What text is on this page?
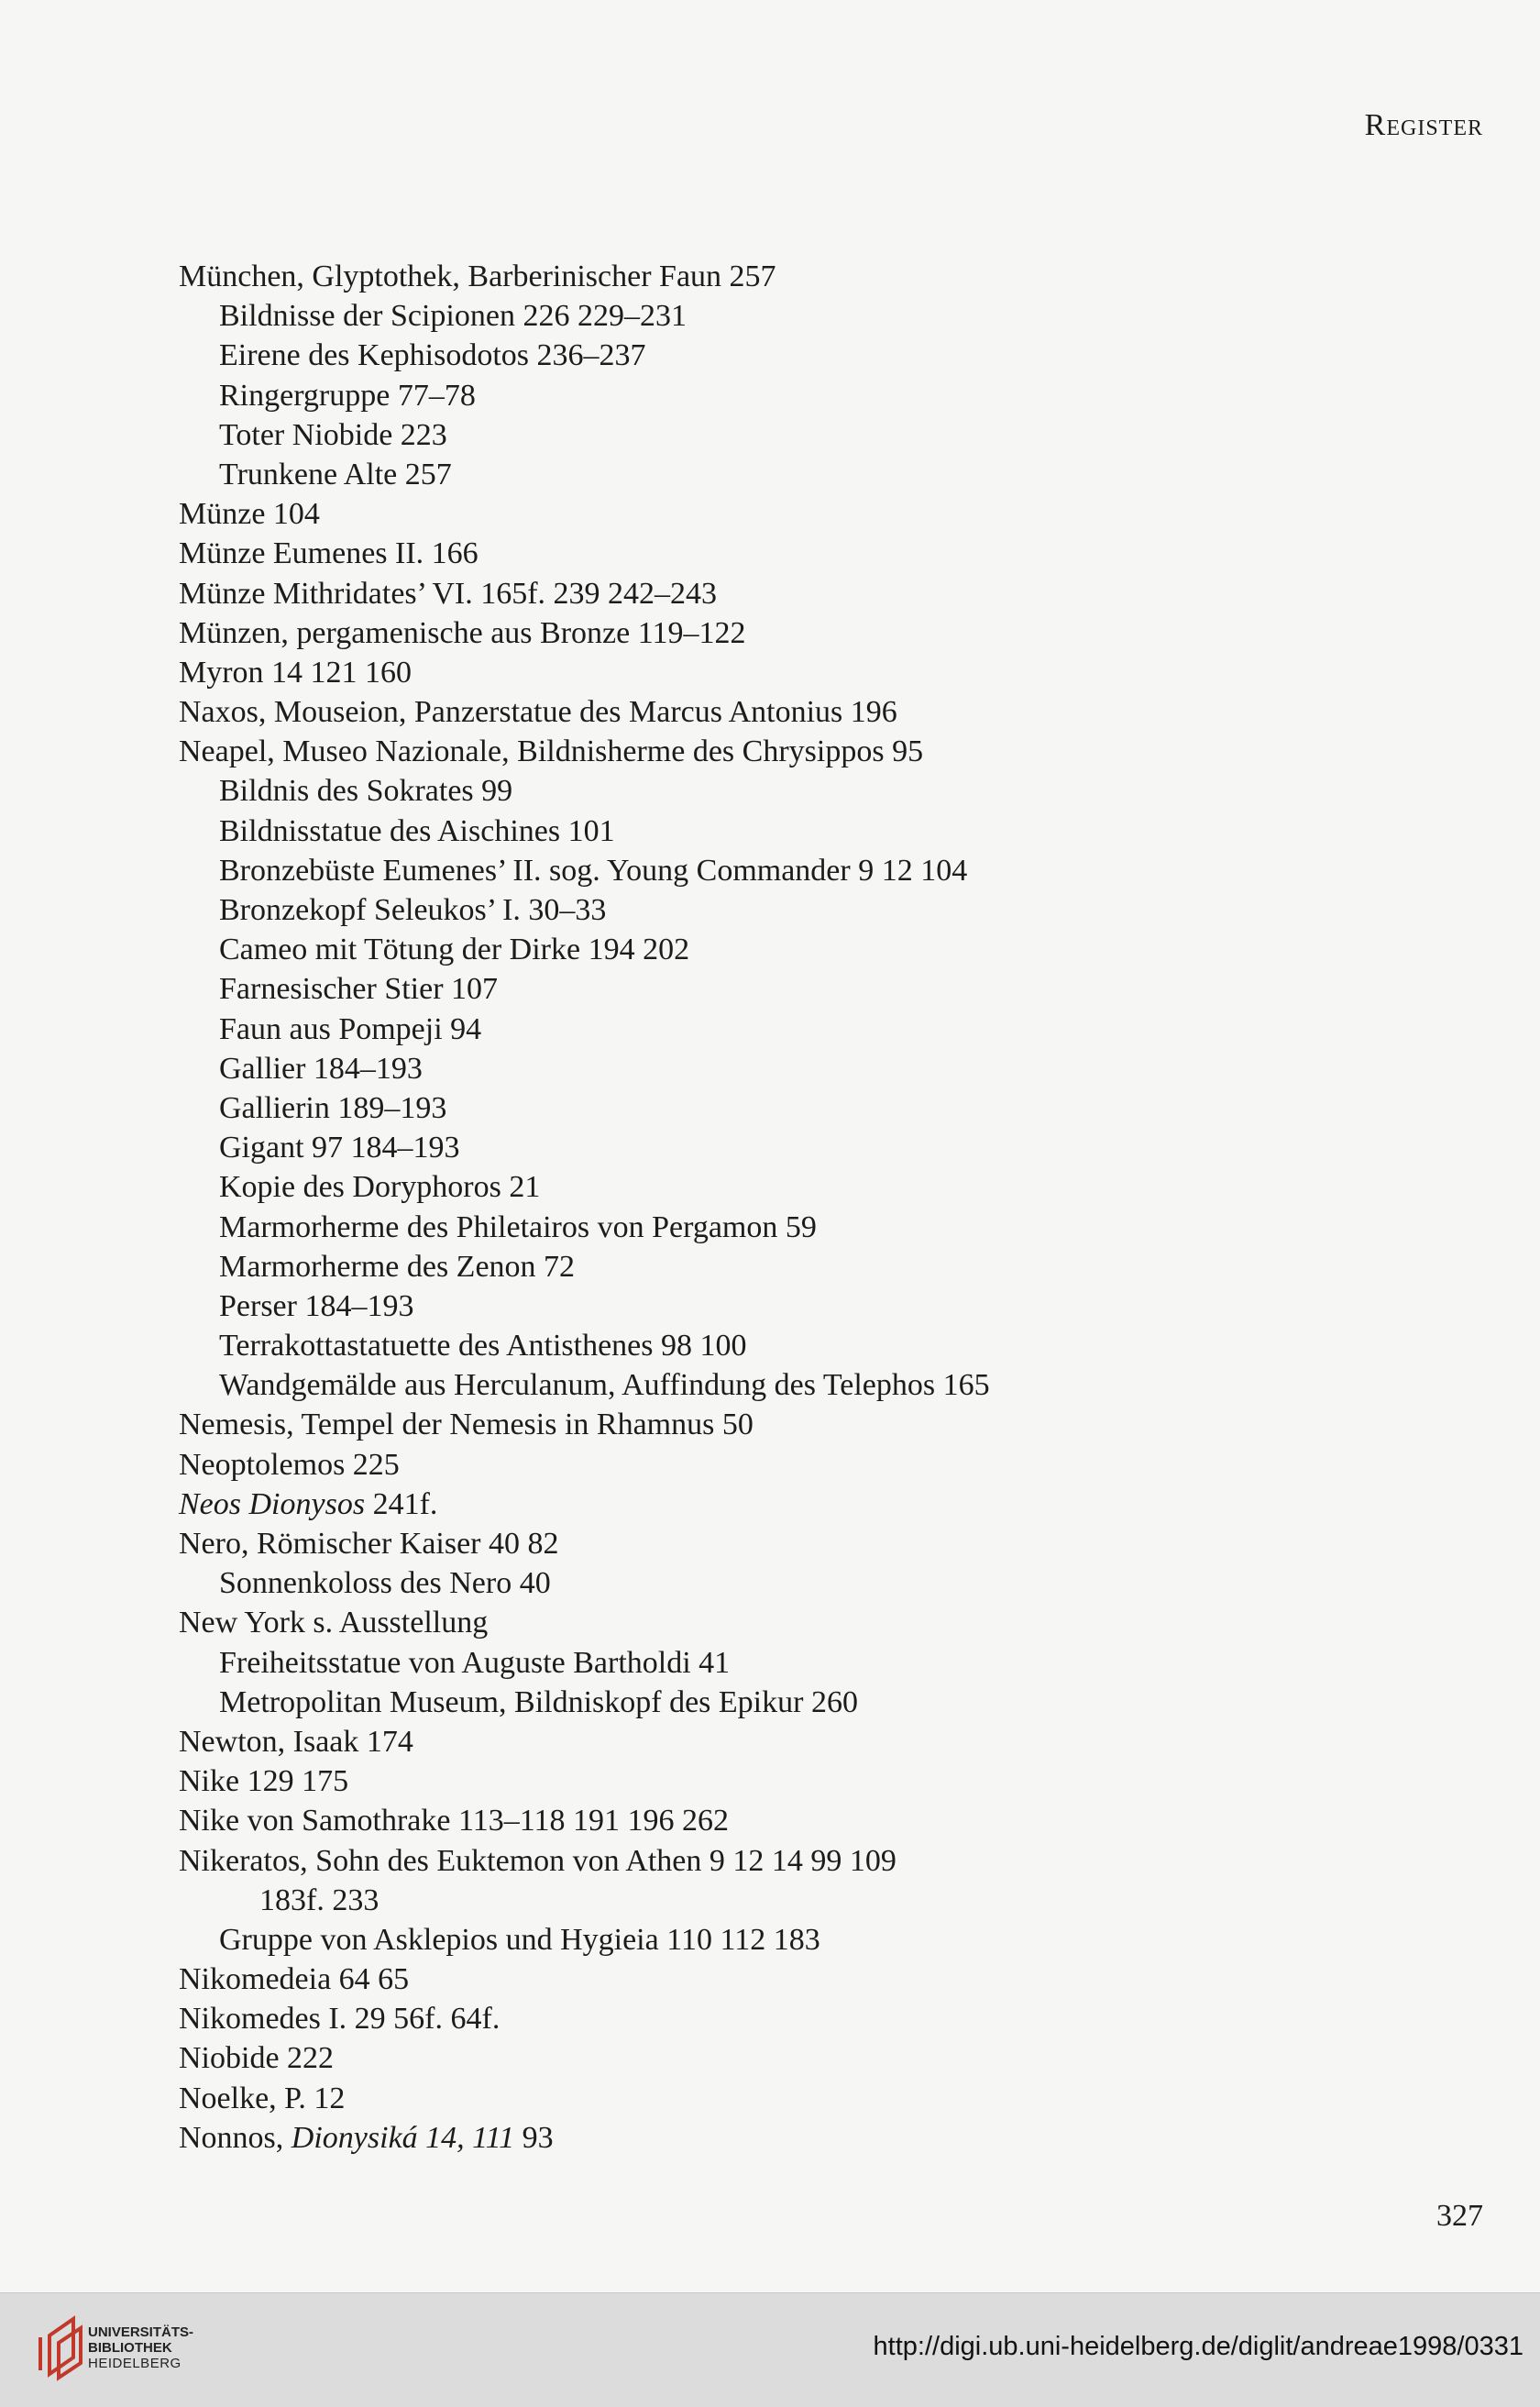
Register
München, Glyptothek, Barberinischer Faun 257
Bildnisse der Scipionen 226 229–231
Eirene des Kephisodotos 236–237
Ringergruppe 77–78
Toter Niobide 223
Trunkene Alte 257
Münze 104
Münze Eumenes II. 166
Münze Mithridates’ VI. 165f. 239 242–243
Münzen, pergamenische aus Bronze 119–122
Myron 14 121 160
Naxos, Mouseion, Panzerstatue des Marcus Antonius 196
Neapel, Museo Nazionale, Bildnisherme des Chrysippos 95
Bildnis des Sokrates 99
Bildnisstatue des Aischines 101
Bronzebüste Eumenes’ II. sog. Young Commander 9 12 104
Bronzekopf Seleukos’ I. 30–33
Cameo mit Tötung der Dirke 194 202
Farnesischer Stier 107
Faun aus Pompeji 94
Gallier 184–193
Gallierin 189–193
Gigant 97 184–193
Kopie des Doryphoros 21
Marmorherme des Philetairos von Pergamon 59
Marmorherme des Zenon 72
Perser 184–193
Terrakottastatuette des Antisthenes 98 100
Wandgemälde aus Herculanum, Auffindung des Telephos 165
Nemesis, Tempel der Nemesis in Rhamnus 50
Neoptolemos 225
Neos Dionysos 241f.
Nero, Römischer Kaiser 40 82
Sonnenkoloss des Nero 40
New York s. Ausstellung
Freiheitsstatue von Auguste Bartholdi 41
Metropolitan Museum, Bildniskopf des Epikur 260
Newton, Isaak 174
Nike 129 175
Nike von Samothrake 113–118 191 196 262
Nikeratos, Sohn des Euktemon von Athen 9 12 14 99 109
183f. 233
Gruppe von Asklepios und Hygieia 110 112 183
Nikomedeia 64 65
Nikomedes I. 29 56f. 64f.
Niobide 222
Noelke, P. 12
Nonnos, Dionysiká 14, 111 93
327
UNIVERSITÄTS-
BIBLIOTHEK
HEIDELBERG
http://digi.ub.uni-heidelberg.de/diglit/andreae1998/0331
